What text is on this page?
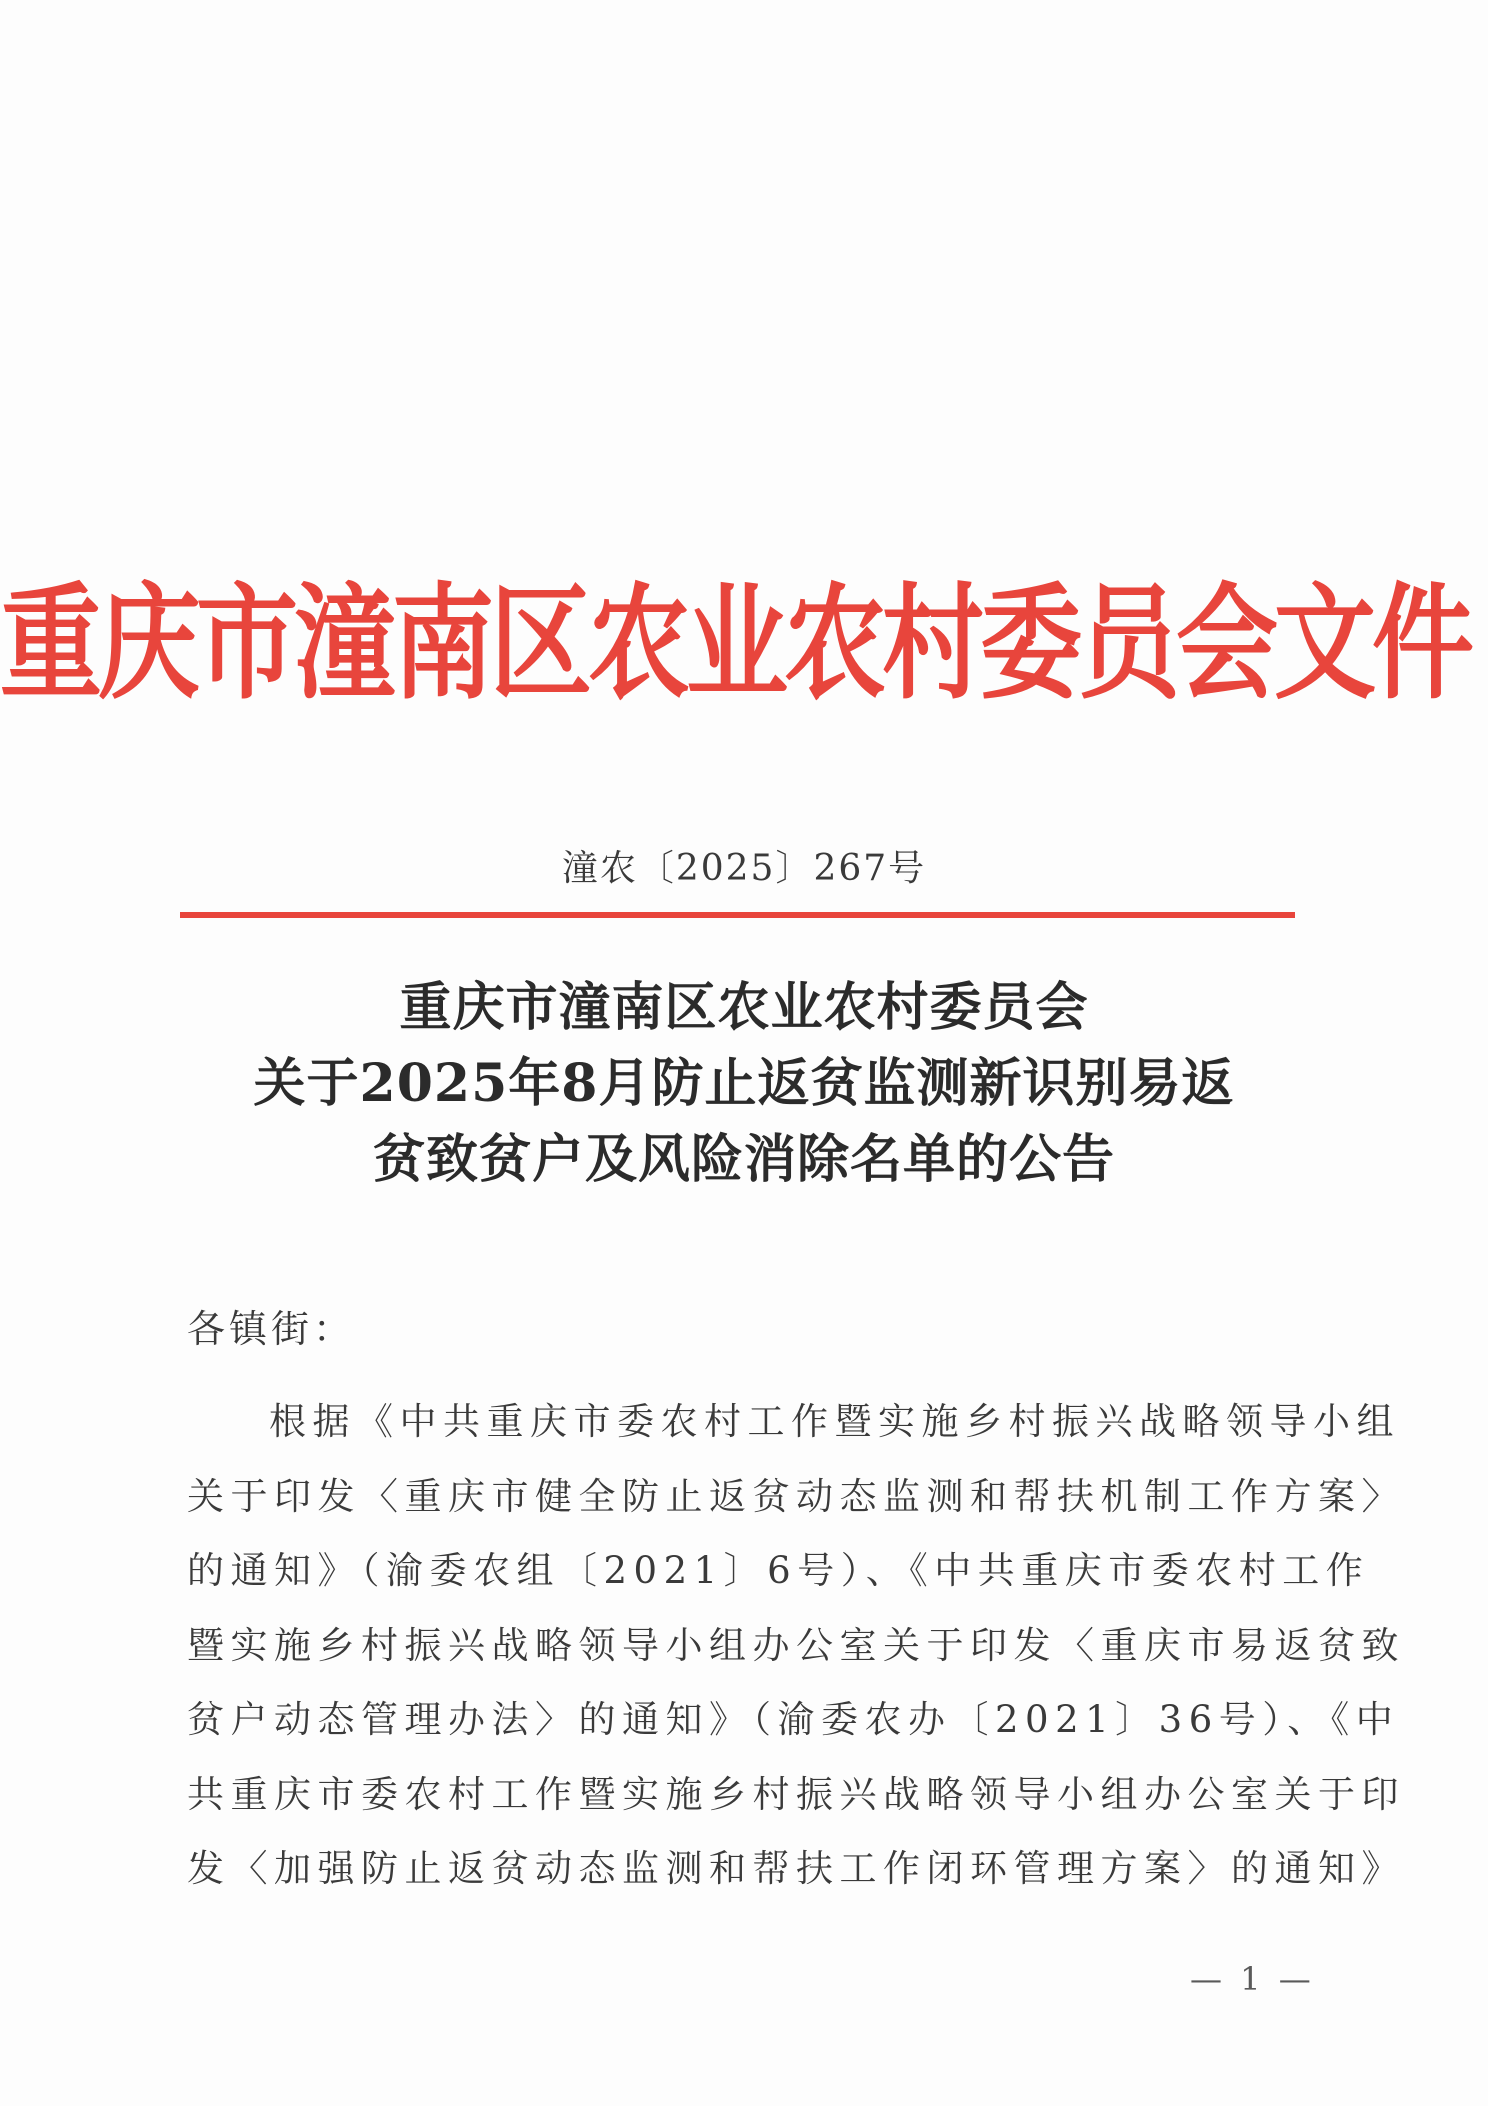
重庆市潼南区农业农村委员会文件
潼农〔2025〕267号
重庆市潼南区农业农村委员会
关于2025年8月防止返贫监测新识别易返
贫致贫户及风险消除名单的公告
各镇街：
根据《中共重庆市委农村工作暨实施乡村振兴战略领导小组
关于印发〈重庆市健全防止返贫动态监测和帮扶机制工作方案〉
的通知》（渝委农组〔2021〕6号）、《中共重庆市委农村工作
暨实施乡村振兴战略领导小组办公室关于印发〈重庆市易返贫致
贫户动态管理办法〉的通知》（渝委农办〔2021〕36号）、《中
共重庆市委农村工作暨实施乡村振兴战略领导小组办公室关于印
发〈加强防止返贫动态监测和帮扶工作闭环管理方案〉的通知》
— 1 —
